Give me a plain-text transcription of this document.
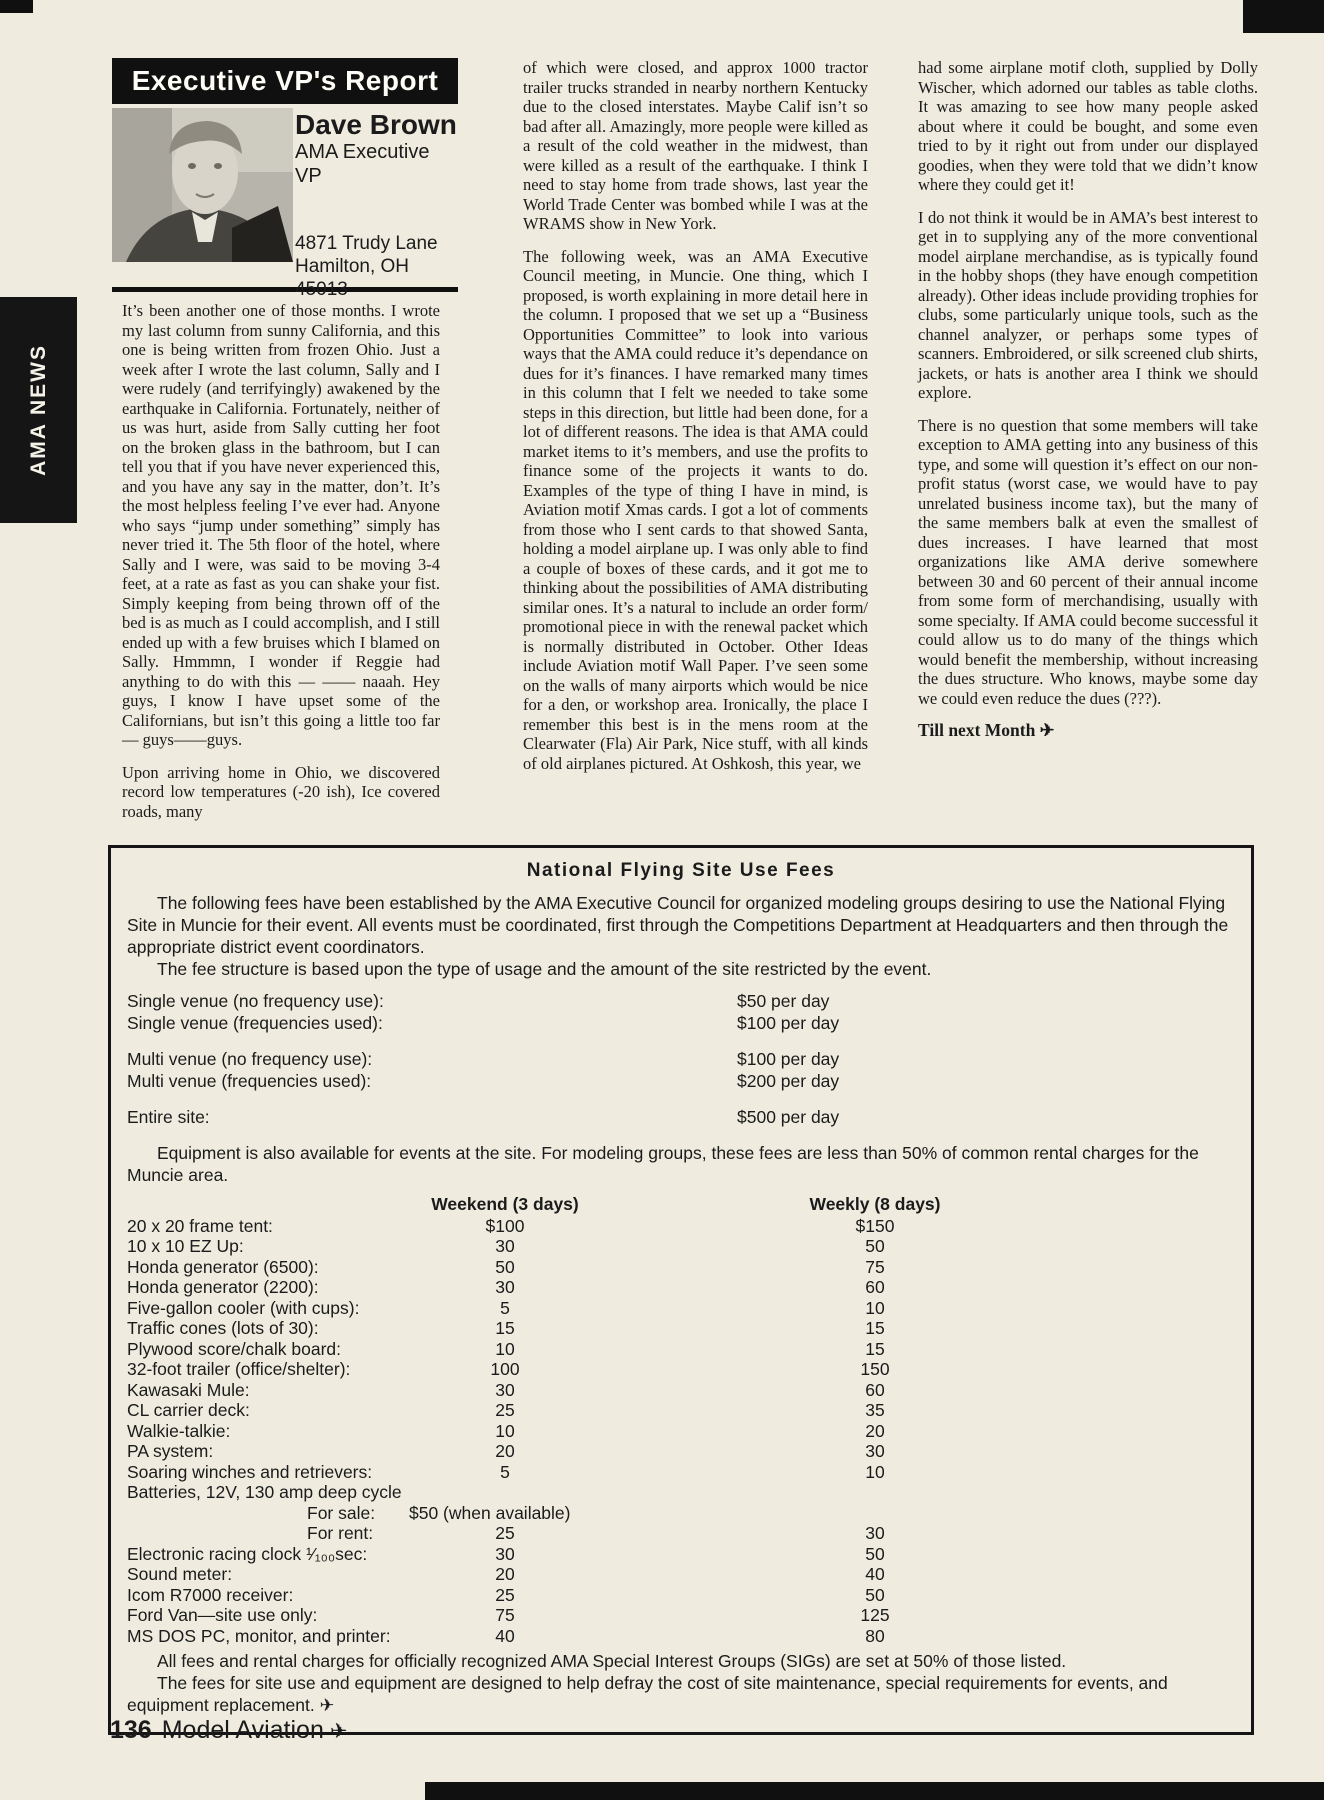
AMA NEWS
Executive VP's Report
Dave Brown
AMA Executive VP
4871 Trudy Lane
Hamilton, OH 45013

It’s been another one of those months. I wrote my last column from sunny California, and this one is being written from frozen Ohio. Just a week after I wrote the last column, Sally and I were rudely (and terrifyingly) awakened by the earthquake in California. Fortunately, neither of us was hurt, aside from Sally cutting her foot on the broken glass in the bathroom, but I can tell you that if you have never experienced this, and you have any say in the matter, don’t. It’s the most helpless feeling I’ve ever had. Anyone who says “jump under something” simply has never tried it. The 5th floor of the hotel, where Sally and I were, was said to be moving 3-4 feet, at a rate as fast as you can shake your fist. Simply keeping from being thrown off of the bed is as much as I could accomplish, and I still ended up with a few bruises which I blamed on Sally. Hmmmn, I wonder if Reggie had anything to do with this — —— naaah. Hey guys, I know I have upset some of the Californians, but isn’t this going a little too far — guys——guys.

Upon arriving home in Ohio, we discovered record low temperatures (-20 ish), Ice covered roads, many

of which were closed, and approx 1000 tractor trailer trucks stranded in nearby northern Kentucky due to the closed interstates. Maybe Calif isn’t so bad after all. Amazingly, more people were killed as a result of the cold weather in the midwest, than were killed as a result of the earthquake. I think I need to stay home from trade shows, last year the World Trade Center was bombed while I was at the WRAMS show in New York.

The following week, was an AMA Executive Council meeting, in Muncie. One thing, which I proposed, is worth explaining in more detail here in the column. I proposed that we set up a “Business Opportunities Committee” to look into various ways that the AMA could reduce it’s dependance on dues for it’s finances. I have remarked many times in this column that I felt we needed to take some steps in this direction, but little had been done, for a lot of different reasons. The idea is that AMA could market items to it’s members, and use the profits to finance some of the projects it wants to do. Examples of the type of thing I have in mind, is Aviation motif Xmas cards. I got a lot of comments from those who I sent cards to that showed Santa, holding a model airplane up. I was only able to find a couple of boxes of these cards, and it got me to thinking about the possibilities of AMA distributing similar ones. It’s a natural to include an order form/ promotional piece in with the renewal packet which is normally distributed in October. Other Ideas include Aviation motif Wall Paper. I’ve seen some on the walls of many airports which would be nice for a den, or workshop area. Ironically, the place I remember this best is in the mens room at the Clearwater (Fla) Air Park, Nice stuff, with all kinds of old airplanes pictured. At Oshkosh, this year, we

had some airplane motif cloth, supplied by Dolly Wischer, which adorned our tables as table cloths. It was amazing to see how many people asked about where it could be bought, and some even tried to by it right out from under our displayed goodies, when they were told that we didn’t know where they could get it!

I do not think it would be in AMA’s best interest to get in to supplying any of the more conventional model airplane merchandise, as is typically found in the hobby shops (they have enough competition already). Other ideas include providing trophies for clubs, some particularly unique tools, such as the channel analyzer, or perhaps some types of scanners. Embroidered, or silk screened club shirts, jackets, or hats is another area I think we should explore.

There is no question that some members will take exception to AMA getting into any business of this type, and some will question it’s effect on our non-profit status (worst case, we would have to pay unrelated business income tax), but the many of the same members balk at even the smallest of dues increases. I have learned that most organizations like AMA derive somewhere between 30 and 60 percent of their annual income from some form of merchandising, usually with some specialty. If AMA could become successful it could allow us to do many of the things which would benefit the membership, without increasing the dues structure. Who knows, maybe some day we could even reduce the dues (???).

Till next Month ✈

National Flying Site Use Fees

The following fees have been established by the AMA Executive Council for organized modeling groups desiring to use the National Flying Site in Muncie for their event. All events must be coordinated, first through the Competitions Department at Headquarters and then through the appropriate district event coordinators.

The fee structure is based upon the type of usage and the amount of the site restricted by the event.

Single venue (no frequency use):	$50 per day
Single venue (frequencies used):	$100 per day
Multi venue (no frequency use):	$100 per day
Multi venue (frequencies used):	$200 per day
Entire site:	$500 per day

Equipment is also available for events at the site. For modeling groups, these fees are less than 50% of common rental charges for the Muncie area.

Weekend (3 days)	Weekly (8 days)
20 x 20 frame tent:	$100	$150
10 x 10 EZ Up:	30	50
Honda generator (6500):	50	75
Honda generator (2200):	30	60
Five-gallon cooler (with cups):	5	10
Traffic cones (lots of 30):	15	15
Plywood score/chalk board:	10	15
32-foot trailer (office/shelter):	100	150
Kawasaki Mule:	30	60
CL carrier deck:	25	35
Walkie-talkie:	10	20
PA system:	20	30
Soaring winches and retrievers:	5	10
Batteries, 12V, 130 amp deep cycle
For sale:	$50 (when available)
For rent:	25	30
Electronic racing clock ¹⁄₁₀₀sec:	30	50
Sound meter:	20	40
Icom R7000 receiver:	25	50
Ford Van—site use only:	75	125
MS DOS PC, monitor, and printer:	40	80

All fees and rental charges for officially recognized AMA Special Interest Groups (SIGs) are set at 50% of those listed.

The fees for site use and equipment are designed to help defray the cost of site maintenance, special requirements for events, and equipment replacement. ✈

136 Model Aviation ✈
